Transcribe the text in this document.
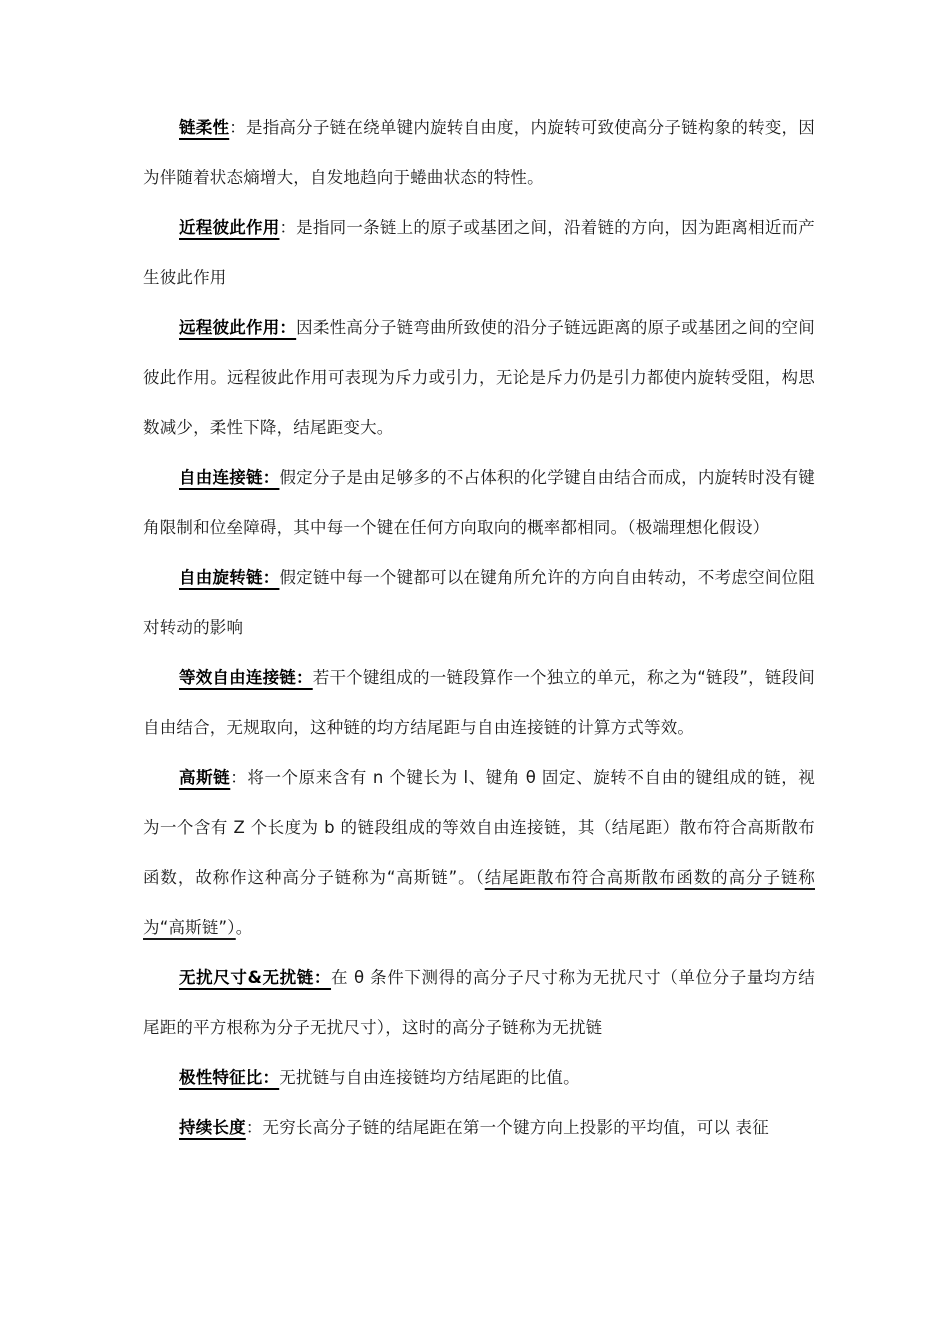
链柔性：是指高分子链在绕单键内旋转自由度，内旋转可致使高分子链构象的转变，因为伴随着状态熵增大，自发地趋向于蜷曲状态的特性。

近程彼此作用：是指同一条链上的原子或基团之间，沿着链的方向，因为距离相近而产生彼此作用

远程彼此作用：因柔性高分子链弯曲所致使的沿分子链远距离的原子或基团之间的空间彼此作用。远程彼此作用可表现为斥力或引力，无论是斥力仍是引力都使内旋转受阻，构思数减少，柔性下降，结尾距变大。

自由连接链：假定分子是由足够多的不占体积的化学键自由结合而成，内旋转时没有键角限制和位垒障碍，其中每一个键在任何方向取向的概率都相同。（极端理想化假设）

自由旋转链：假定链中每一个键都可以在键角所允许的方向自由转动，不考虑空间位阻对转动的影响

等效自由连接链：若干个键组成的一链段算作一个独立的单元，称之为“链段”，链段间自由结合，无规取向，这种链的均方结尾距与自由连接链的计算方式等效。

高斯链：将一个原来含有 n 个键长为 l、键角 θ 固定、旋转不自由的键组成的链，视为一个含有 Z 个长度为 b 的链段组成的等效自由连接链，其（结尾距）散布符合高斯散布函数，故称作这种高分子链称为“高斯链”。（结尾距散布符合高斯散布函数的高分子链称为“高斯链”）。

无扰尺寸&无扰链：在 θ 条件下测得的高分子尺寸称为无扰尺寸（单位分子量均方结尾距的平方根称为分子无扰尺寸），这时的高分子链称为无扰链

极性特征比：无扰链与自由连接链均方结尾距的比值。

持续长度：无穷长高分子链的结尾距在第一个键方向上投影的平均值，可以 表征
